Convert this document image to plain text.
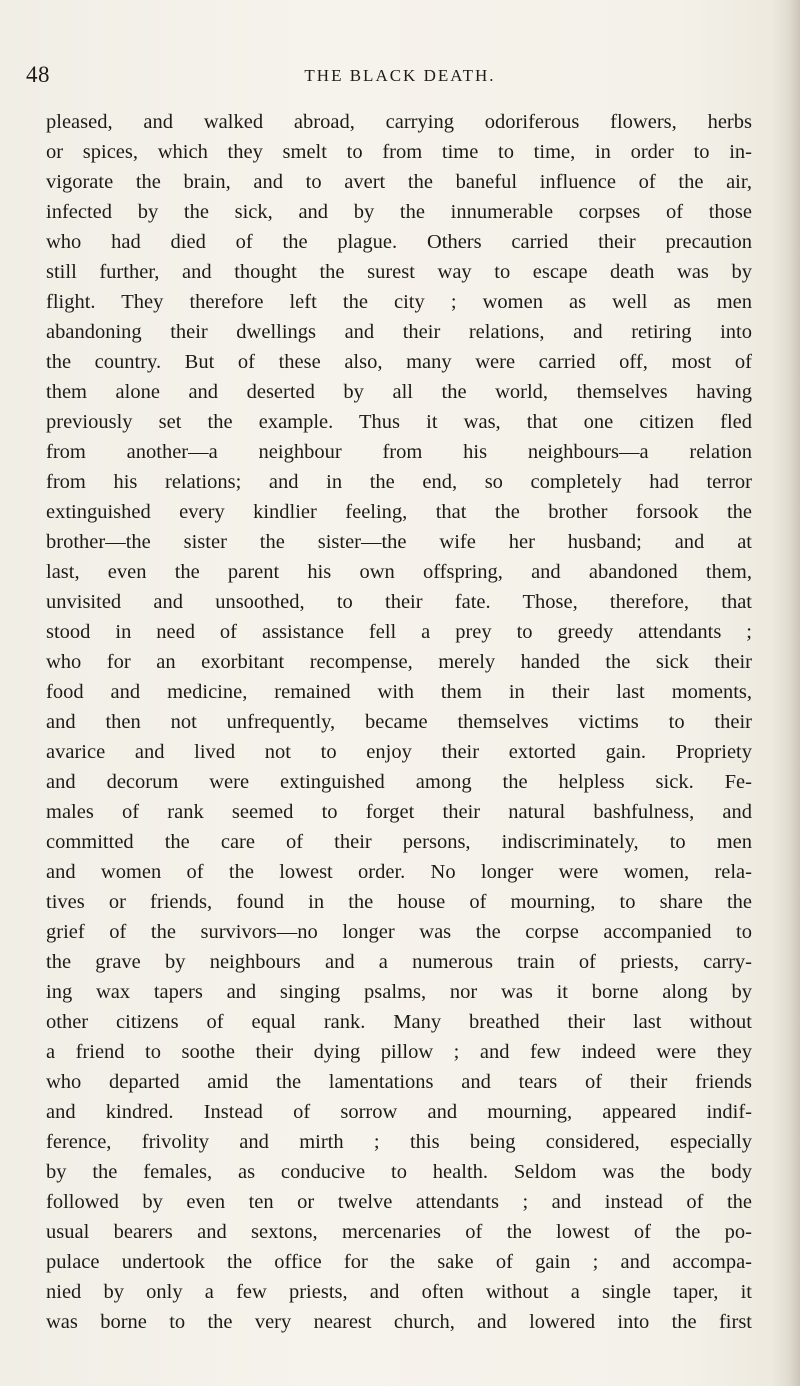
48	THE BLACK DEATH.
pleased, and walked abroad, carrying odoriferous flowers, herbs
or spices, which they smelt to from time to time, in order to in-
vigorate the brain, and to avert the baneful influence of the air,
infected by the sick, and by the innumerable corpses of those
who had died of the plague. Others carried their precaution
still further, and thought the surest way to escape death was by
flight. They therefore left the city ; women as well as men
abandoning their dwellings and their relations, and retiring into
the country. But of these also, many were carried off, most of
them alone and deserted by all the world, themselves having
previously set the example. Thus it was, that one citizen fled
from another—a neighbour from his neighbours—a relation
from his relations; and in the end, so completely had terror
extinguished every kindlier feeling, that the brother forsook the
brother—the sister the sister—the wife her husband; and at
last, even the parent his own offspring, and abandoned them,
unvisited and unsoothed, to their fate. Those, therefore, that
stood in need of assistance fell a prey to greedy attendants ;
who for an exorbitant recompense, merely handed the sick their
food and medicine, remained with them in their last moments,
and then not unfrequently, became themselves victims to their
avarice and lived not to enjoy their extorted gain. Propriety
and decorum were extinguished among the helpless sick. Fe-
males of rank seemed to forget their natural bashfulness, and
committed the care of their persons, indiscriminately, to men
and women of the lowest order. No longer were women, rela-
tives or friends, found in the house of mourning, to share the
grief of the survivors—no longer was the corpse accompanied to
the grave by neighbours and a numerous train of priests, carry-
ing wax tapers and singing psalms, nor was it borne along by
other citizens of equal rank. Many breathed their last without
a friend to soothe their dying pillow ; and few indeed were they
who departed amid the lamentations and tears of their friends
and kindred. Instead of sorrow and mourning, appeared indif-
ference, frivolity and mirth ; this being considered, especially
by the females, as conducive to health. Seldom was the body
followed by even ten or twelve attendants ; and instead of the
usual bearers and sextons, mercenaries of the lowest of the po-
pulace undertook the office for the sake of gain ; and accompa-
nied by only a few priests, and often without a single taper, it
was borne to the very nearest church, and lowered into the first
